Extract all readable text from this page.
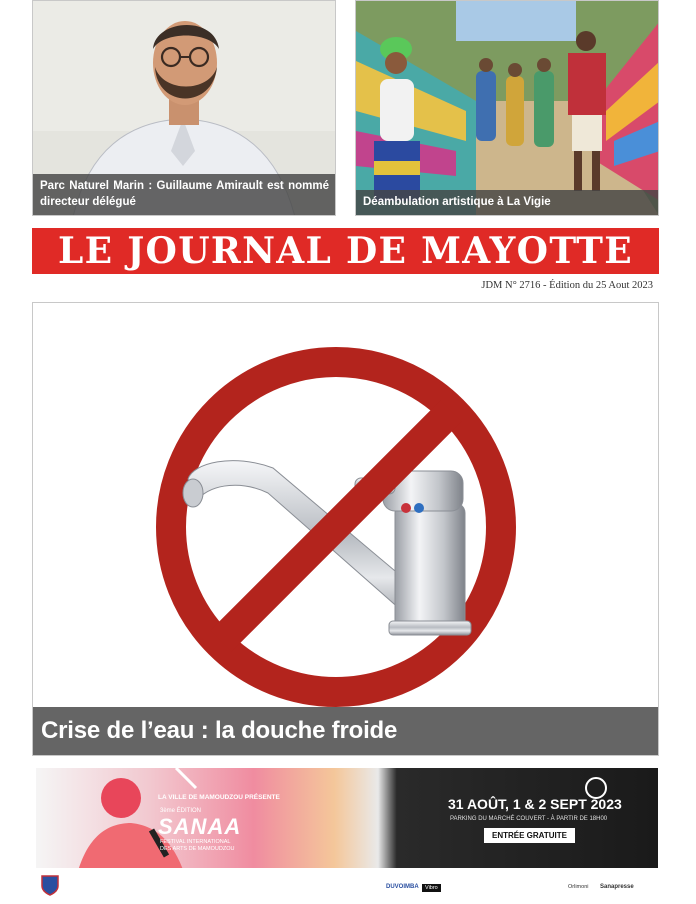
Parc Naturel Marin : Guillaume Amirault est nommé directeur délégué	Déambulation artistique à La Vigie
LE JOURNAL DE MAYOTTE
JDM N° 2716 - Édition du 25 Aout 2023
Crise de l’eau : la douche froide
LA VILLE DE MAMOUDZOU PRÉSENTE
3ème ÉDITION
SANAA
FESTIVAL INTERNATIONAL
DES ARTS DE MAMOUDZOU
31 AOÛT, 1 & 2 SEPT 2023
PARKING DU MARCHÉ COUVERT - À PARTIR DE 18H00
ENTRÉE GRATUITE
DUVOIMBA	Sanapresse
Vibro	Orlimoni
